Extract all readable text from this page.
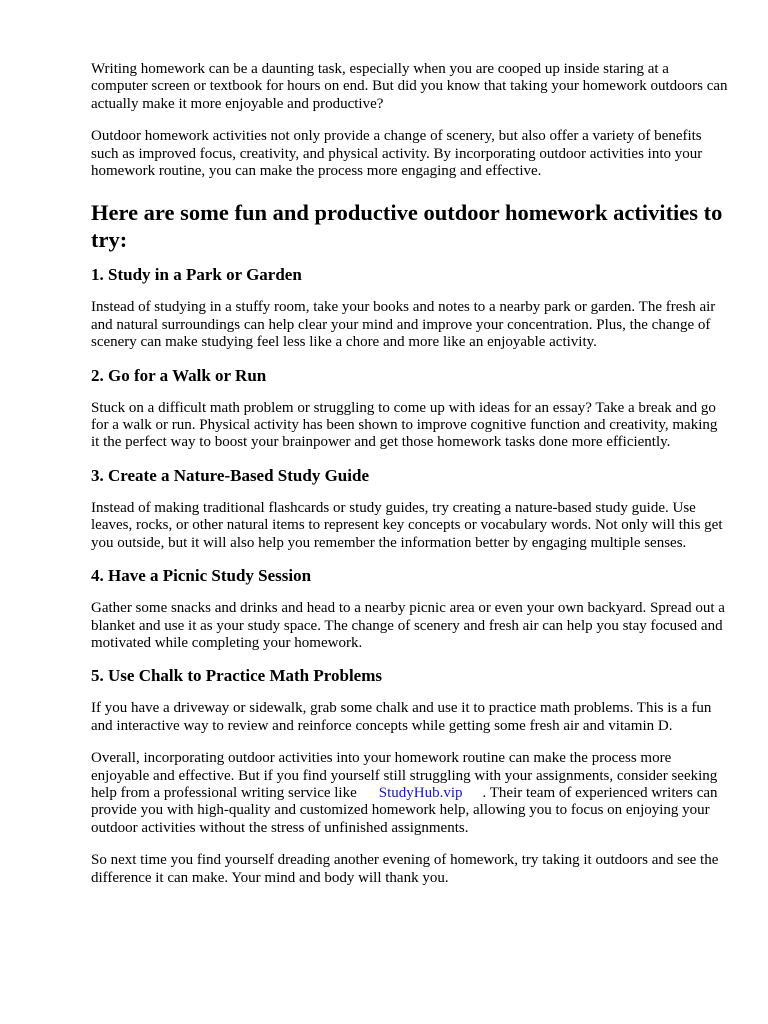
Writing homework can be a daunting task, especially when you are cooped up inside staring at a computer screen or textbook for hours on end. But did you know that taking your homework outdoors can actually make it more enjoyable and productive?

Outdoor homework activities not only provide a change of scenery, but also offer a variety of benefits such as improved focus, creativity, and physical activity. By incorporating outdoor activities into your homework routine, you can make the process more engaging and effective.

Here are some fun and productive outdoor homework activities to try:
1. Study in a Park or Garden

Instead of studying in a stuffy room, take your books and notes to a nearby park or garden. The fresh air and natural surroundings can help clear your mind and improve your concentration. Plus, the change of scenery can make studying feel less like a chore and more like an enjoyable activity.

2. Go for a Walk or Run

Stuck on a difficult math problem or struggling to come up with ideas for an essay? Take a break and go for a walk or run. Physical activity has been shown to improve cognitive function and creativity, making it the perfect way to boost your brainpower and get those homework tasks done more efficiently.

3. Create a Nature-Based Study Guide

Instead of making traditional flashcards or study guides, try creating a nature-based study guide. Use leaves, rocks, or other natural items to represent key concepts or vocabulary words. Not only will this get you outside, but it will also help you remember the information better by engaging multiple senses.

4. Have a Picnic Study Session

Gather some snacks and drinks and head to a nearby picnic area or even your own backyard. Spread out a blanket and use it as your study space. The change of scenery and fresh air can help you stay focused and motivated while completing your homework.

5. Use Chalk to Practice Math Problems

If you have a driveway or sidewalk, grab some chalk and use it to practice math problems. This is a fun and interactive way to review and reinforce concepts while getting some fresh air and vitamin D.

Overall, incorporating outdoor activities into your homework routine can make the process more enjoyable and effective. But if you find yourself still struggling with your assignments, consider seeking help from a professional writing service like StudyHub.vip . Their team of experienced writers can provide you with high-quality and customized homework help, allowing you to focus on enjoying your outdoor activities without the stress of unfinished assignments.

So next time you find yourself dreading another evening of homework, try taking it outdoors and see the difference it can make. Your mind and body will thank you.
